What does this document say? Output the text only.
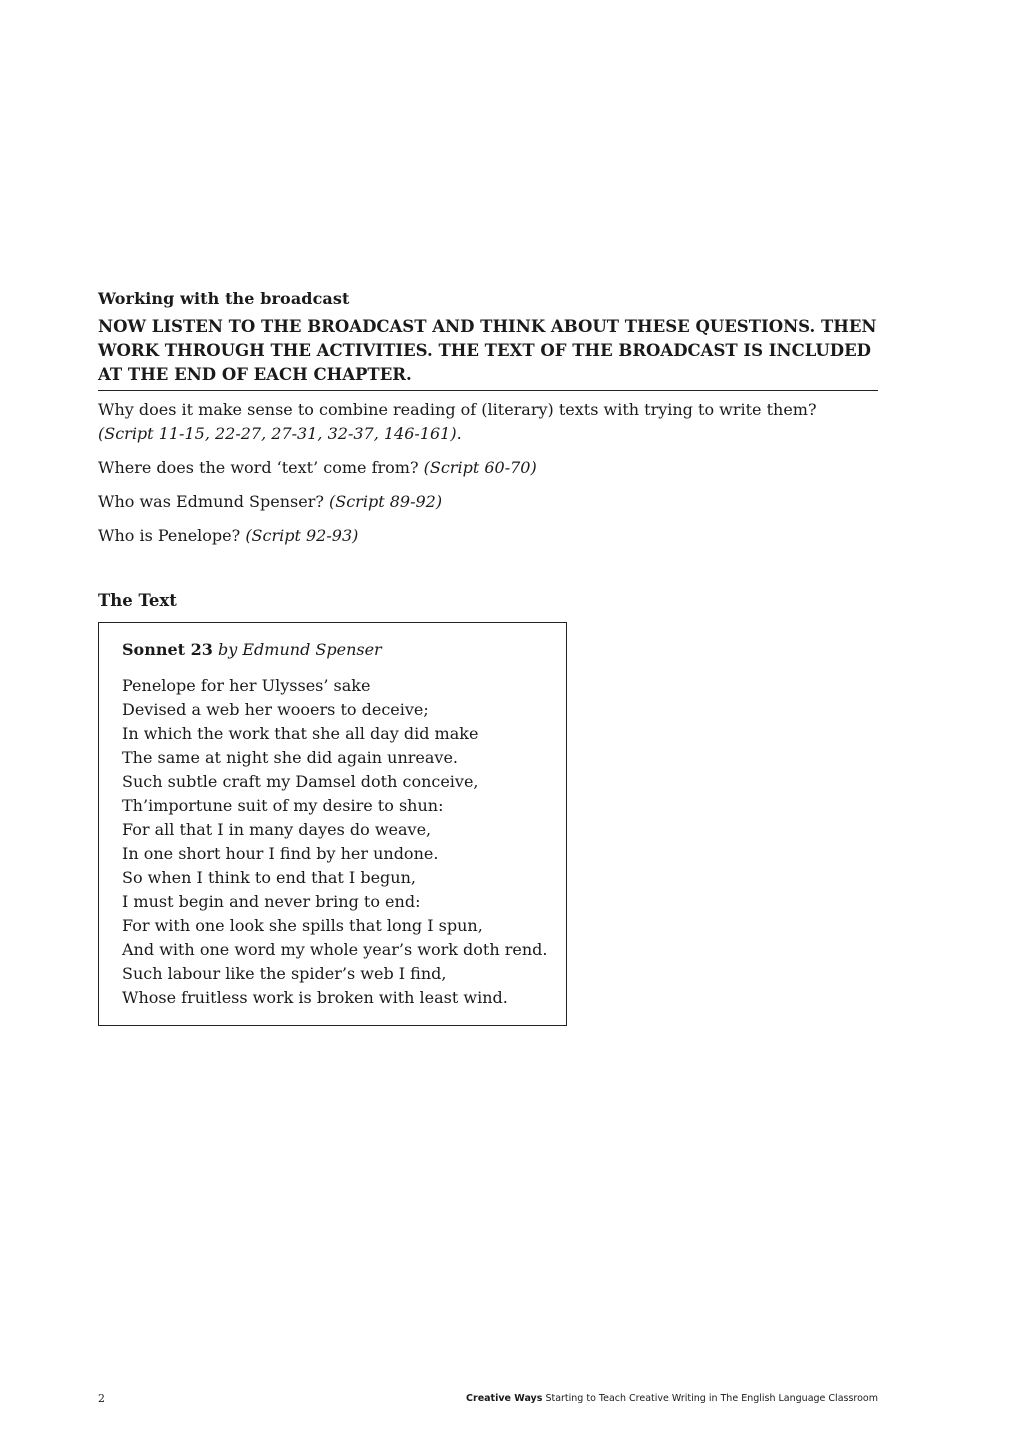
Working with the broadcast
NOW LISTEN TO THE BROADCAST AND THINK ABOUT THESE QUESTIONS. THEN WORK THROUGH THE ACTIVITIES. THE TEXT OF THE BROADCAST IS INCLUDED AT THE END OF EACH CHAPTER.
Why does it make sense to combine reading of (literary) texts with trying to write them?
(Script 11-15, 22-27, 27-31, 32-37, 146-161).
Where does the word ‘text’ come from? (Script 60-70)
Who was Edmund Spenser? (Script 89-92)
Who is Penelope? (Script 92-93)
The Text
Sonnet 23 by Edmund Spenser
Penelope for her Ulysses’ sake
Devised a web her wooers to deceive;
In which the work that she all day did make
The same at night she did again unreave.
Such subtle craft my Damsel doth conceive,
Th’importune suit of my desire to shun:
For all that I in many dayes do weave,
In one short hour I find by her undone.
So when I think to end that I begun,
I must begin and never bring to end:
For with one look she spills that long I spun,
And with one word my whole year’s work doth rend.
Such labour like the spider’s web I find,
Whose fruitless work is broken with least wind.
2	Creative Ways Starting to Teach Creative Writing in The English Language Classroom
